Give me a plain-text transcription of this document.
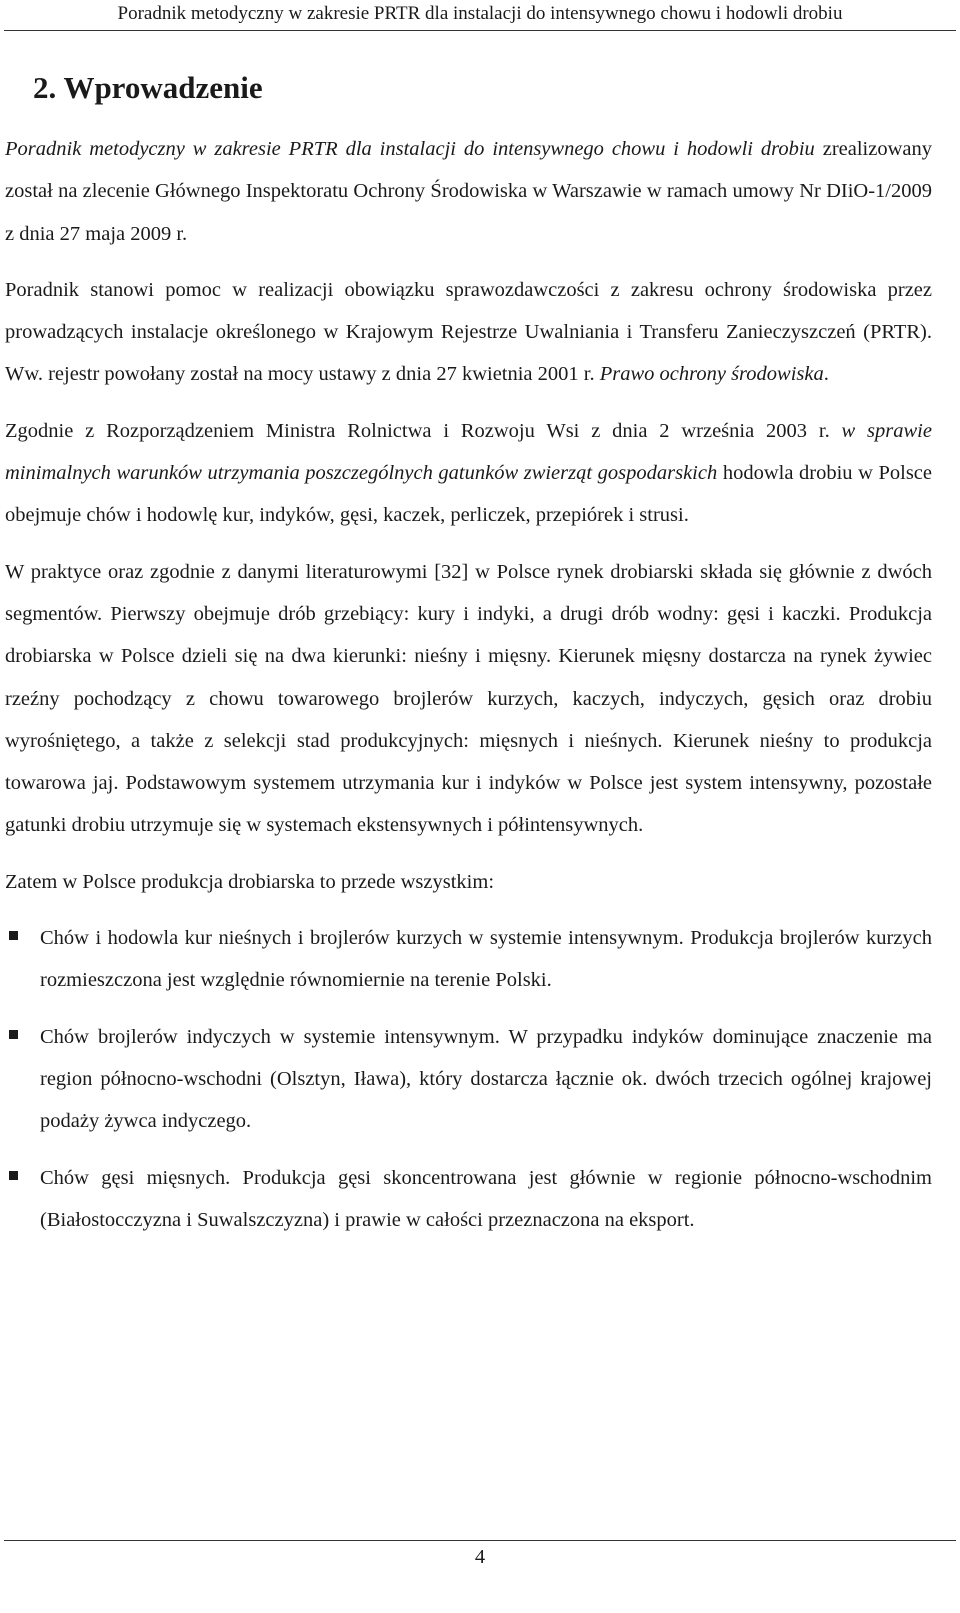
Poradnik metodyczny w zakresie PRTR dla instalacji do intensywnego chowu i hodowli drobiu
2. Wprowadzenie

Poradnik metodyczny w zakresie PRTR dla instalacji do intensywnego chowu i hodowli drobiu zrealizowany został na zlecenie Głównego Inspektoratu Ochrony Środowiska w Warszawie w ramach umowy Nr DIiO-1/2009 z dnia 27 maja 2009 r.

Poradnik stanowi pomoc w realizacji obowiązku sprawozdawczości z zakresu ochrony środowiska przez prowadzących instalacje określonego w Krajowym Rejestrze Uwalniania i Transferu Zanieczyszczeń (PRTR). Ww. rejestr powołany został na mocy ustawy z dnia 27 kwietnia 2001 r. Prawo ochrony środowiska.

Zgodnie z Rozporządzeniem Ministra Rolnictwa i Rozwoju Wsi z dnia 2 września 2003 r. w sprawie minimalnych warunków utrzymania poszczególnych gatunków zwierząt gospodarskich hodowla drobiu w Polsce obejmuje chów i hodowlę kur, indyków, gęsi, kaczek, perliczek, przepiórek i strusi.

W praktyce oraz zgodnie z danymi literaturowymi [32] w Polsce rynek drobiarski składa się głównie z dwóch segmentów. Pierwszy obejmuje drób grzebiący: kury i indyki, a drugi drób wodny: gęsi i kaczki. Produkcja drobiarska w Polsce dzieli się na dwa kierunki: nieśny i mięsny. Kierunek mięsny dostarcza na rynek żywiec rzeźny pochodzący z chowu towarowego brojlerów kurzych, kaczych, indyczych, gęsich oraz drobiu wyrośniętego, a także z selekcji stad produkcyjnych: mięsnych i nieśnych. Kierunek nieśny to produkcja towarowa jaj. Podstawowym systemem utrzymania kur i indyków w Polsce jest system intensywny, pozostałe gatunki drobiu utrzymuje się w systemach ekstensywnych i półintensywnych.

Zatem w Polsce produkcja drobiarska to przede wszystkim:

Chów i hodowla kur nieśnych i brojlerów kurzych w systemie intensywnym. Produkcja brojlerów kurzych rozmieszczona jest względnie równomiernie na terenie Polski.
Chów brojlerów indyczych w systemie intensywnym. W przypadku indyków dominujące znaczenie ma region północno-wschodni (Olsztyn, Iława), który dostarcza łącznie ok. dwóch trzecich ogólnej krajowej podaży żywca indyczego.
Chów gęsi mięsnych. Produkcja gęsi skoncentrowana jest głównie w regionie północno-wschodnim (Białostocczyzna i Suwalszczyzna) i prawie w całości przeznaczona na eksport.
4
